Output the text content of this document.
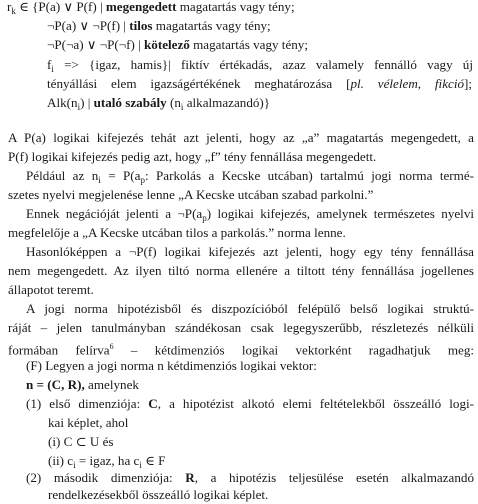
$r_k$ ∈ {P(a) ∨ P(f) | megengedett magatartás vagy tény;
¬P(a) ∨ ¬P(f) | tilos magatartás vagy tény;
¬P(¬a) ∨ ¬P(¬f) | kötelező magatartás vagy tény;
$f_i$ => {igaz, hamis}| fiktív értékadás, azaz valamely fennálló vagy új
tényállási elem igazságértékének meghatározása [pl. vélelem, fikció];
$Alk(n_i)$ | utaló szabály ($n_i$ alkalmazandó)}
A P(a) logikai kifejezés tehát azt jelenti, hogy az „a” magatartás megengedett, a
P(f) logikai kifejezés pedig azt, hogy „f” tény fennállása megengedett.
Például az $n_i = P(a_p$: Parkolás a Kecske utcában) tartalmú jogi norma termé-
szetes nyelvi megjelenése lenne „A Kecske utcában szabad parkolni.”
Ennek negációját jelenti a $\neg P(a_p)$ logikai kifejezés, amelynek természetes nyelvi
megfelelője a „A Kecske utcában tilos a parkolás.” norma lenne.
Hasonlóképpen a ¬P(f) logikai kifejezés azt jelenti, hogy egy tény fennállása
nem megengedett. Az ilyen tiltó norma ellenére a tiltott tény fennállása jogellenes
állapotot teremt.
A jogi norma hipotézisből és diszpozícióból felépülő belső logikai struktú-
ráját – jelen tanulmányban szándékosan csak legegyszerűbb, részletezés nélküli
formában felírva$^6$ – kétdimenziós logikai vektorként ragadhatjuk meg:
(F) Legyen a jogi norma n kétdimenziós logikai vektor:
n = (C, R), amelynek
(1) első dimenziója: C, a hipotézist alkotó elemi feltételekből összeálló logi-
kai képlet, ahol
(i) C ⊂ U és
(ii) $c_i$ = igaz, ha $c_i$ ∈ F
(2) második dimenziója: R, a hipotézis teljesülése esetén alkalmazandó
rendelkezésekből összeálló logikai képlet.
